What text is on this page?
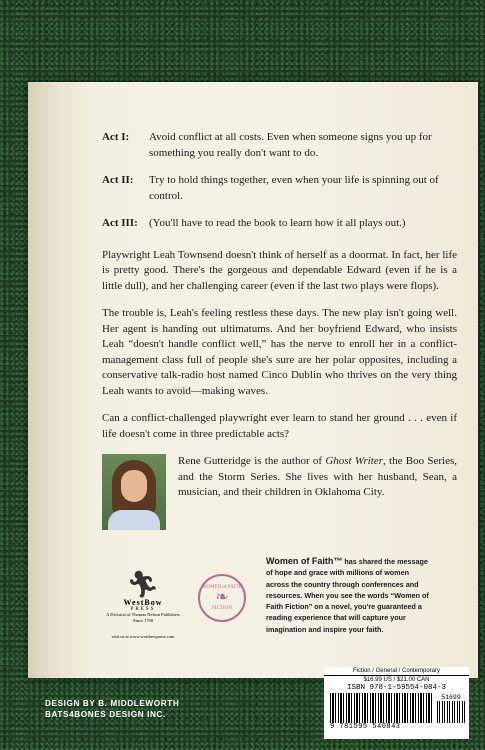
Act I:	Avoid conflict at all costs. Even when someone signs you up for something you really don't want to do.
Act II:	Try to hold things together, even when your life is spinning out of control.
Act III:	(You'll have to read the book to learn how it all plays out.)

Playwright Leah Townsend doesn't think of herself as a doormat. In fact, her life is pretty good. There's the gorgeous and dependable Edward (even if he is a little dull), and her challenging career (even if the last two plays were flops).

The trouble is, Leah's feeling restless these days. The new play isn't going well. Her agent is handing out ultimatums. And her boyfriend Edward, who insists Leah “doesn't handle conflict well,” has the nerve to enroll her in a conflict-management class full of people she's sure are her polar opposites, including a conservative talk-radio host named Cinco Dublin who thrives on the very thing Leah wants to avoid—making waves.

Can a conflict-challenged playwright ever learn to stand her ground . . . even if life doesn't come in three predictable acts?

Rene Gutteridge is the author of Ghost Writer, the Boo Series, and the Storm Series. She lives with her husband, Sean, a musician, and their children in Oklahoma City.
🏃︎
WestBow
PRESS
A Division of Thomas Nelson Publishers
Since 1798
visit us at www.westbowpress.com
WOMEN of FAITH
❧
FICTION
Women of Faith™ has shared the message of hope and grace with millions of women across the country through conferences and resources. When you see the words “Women of Faith Fiction” on a novel, you're guaranteed a reading experience that will capture your imagination and inspire your faith.
Fiction / General / Contemporary
$16.99 US / $21.00 CAN
ISBN 978-1-59554-084-3
51699
9 781595 540843
DESIGN BY B. MIDDLEWORTH
BATS4BONES DESIGN INC.
